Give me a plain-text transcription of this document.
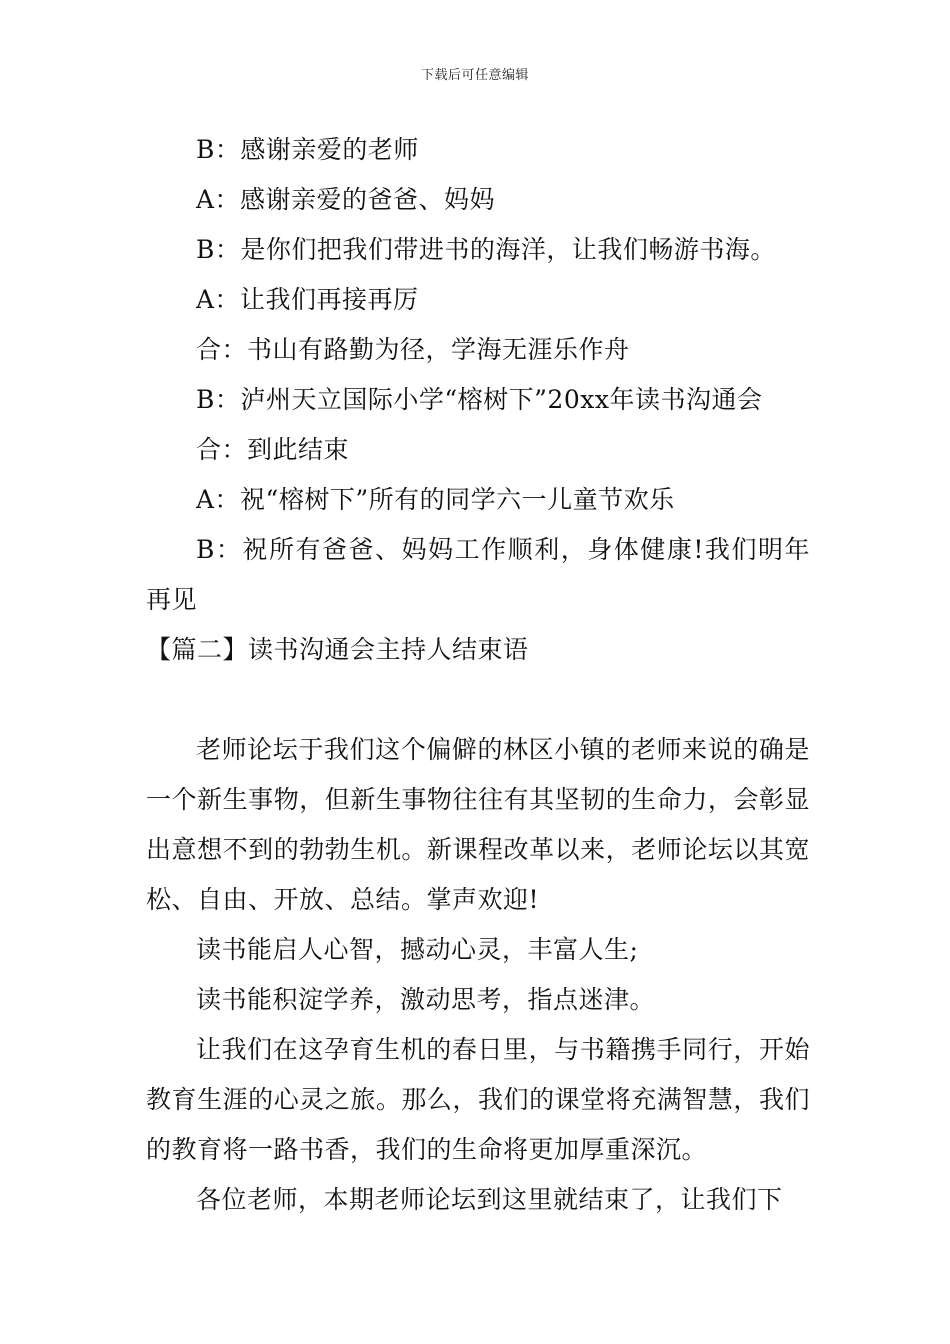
下载后可任意编辑
B：感谢亲爱的老师
A：感谢亲爱的爸爸、妈妈
B：是你们把我们带进书的海洋，让我们畅游书海。
A：让我们再接再厉
合：书山有路勤为径，学海无涯乐作舟
B：泸州天立国际小学“榕树下”20xx年读书沟通会
合：到此结束
A：祝“榕树下”所有的同学六一儿童节欢乐

B：祝所有爸爸、妈妈工作顺利，身体健康!我们明年再见

【篇二】读书沟通会主持人结束语

老师论坛于我们这个偏僻的林区小镇的老师来说的确是一个新生事物，但新生事物往往有其坚韧的生命力，会彰显出意想不到的勃勃生机。新课程改革以来，老师论坛以其宽松、自由、开放、总结。掌声欢迎!

读书能启人心智，撼动心灵，丰富人生;

读书能积淀学养，激动思考，指点迷津。

让我们在这孕育生机的春日里，与书籍携手同行，开始教育生涯的心灵之旅。那么，我们的课堂将充满智慧，我们的教育将一路书香，我们的生命将更加厚重深沉。

各位老师，本期老师论坛到这里就结束了，让我们下
